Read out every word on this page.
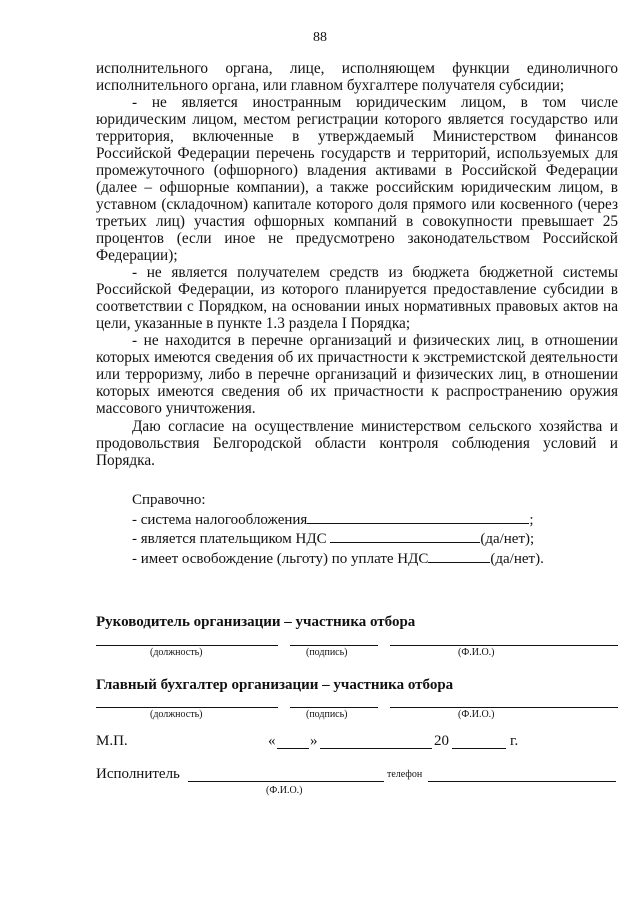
88

исполнительного органа, лице, исполняющем функции единоличного исполнительного органа, или главном бухгалтере получателя субсидии;

- не является иностранным юридическим лицом, в том числе юридическим лицом, местом регистрации которого является государство или территория, включенные в утверждаемый Министерством финансов Российской Федерации перечень государств и территорий, используемых для промежуточного (офшорного) владения активами в Российской Федерации (далее – офшорные компании), а также российским юридическим лицом, в уставном (складочном) капитале которого доля прямого или косвенного (через третьих лиц) участия офшорных компаний в совокупности превышает 25 процентов (если иное не предусмотрено законодательством Российской Федерации);

- не является получателем средств из бюджета бюджетной системы Российской Федерации, из которого планируется предоставление субсидии в соответствии с Порядком, на основании иных нормативных правовых актов на цели, указанные в пункте 1.3 раздела I Порядка;

- не находится в перечне организаций и физических лиц, в отношении которых имеются сведения об их причастности к экстремистской деятельности или терроризму, либо в перечне организаций и физических лиц, в отношении которых имеются сведения об их причастности к распространению оружия массового уничтожения.

Даю согласие на осуществление министерством сельского хозяйства и продовольствия Белгородской области контроля соблюдения условий и Порядка.

Справочно:
- система налогообложения	;
- является плательщиком НДС	(да/нет);
- имеет освобождение (льготу) по уплате НДС	(да/нет).
Руководитель организации – участника отбора
(должность)	(подпись)	(Ф.И.О.)
Главный бухгалтер организации – участника отбора
(должность)	(подпись)	(Ф.И.О.)
М.П.	« »	20	г.
Исполнитель	телефон
(Ф.И.О.)
